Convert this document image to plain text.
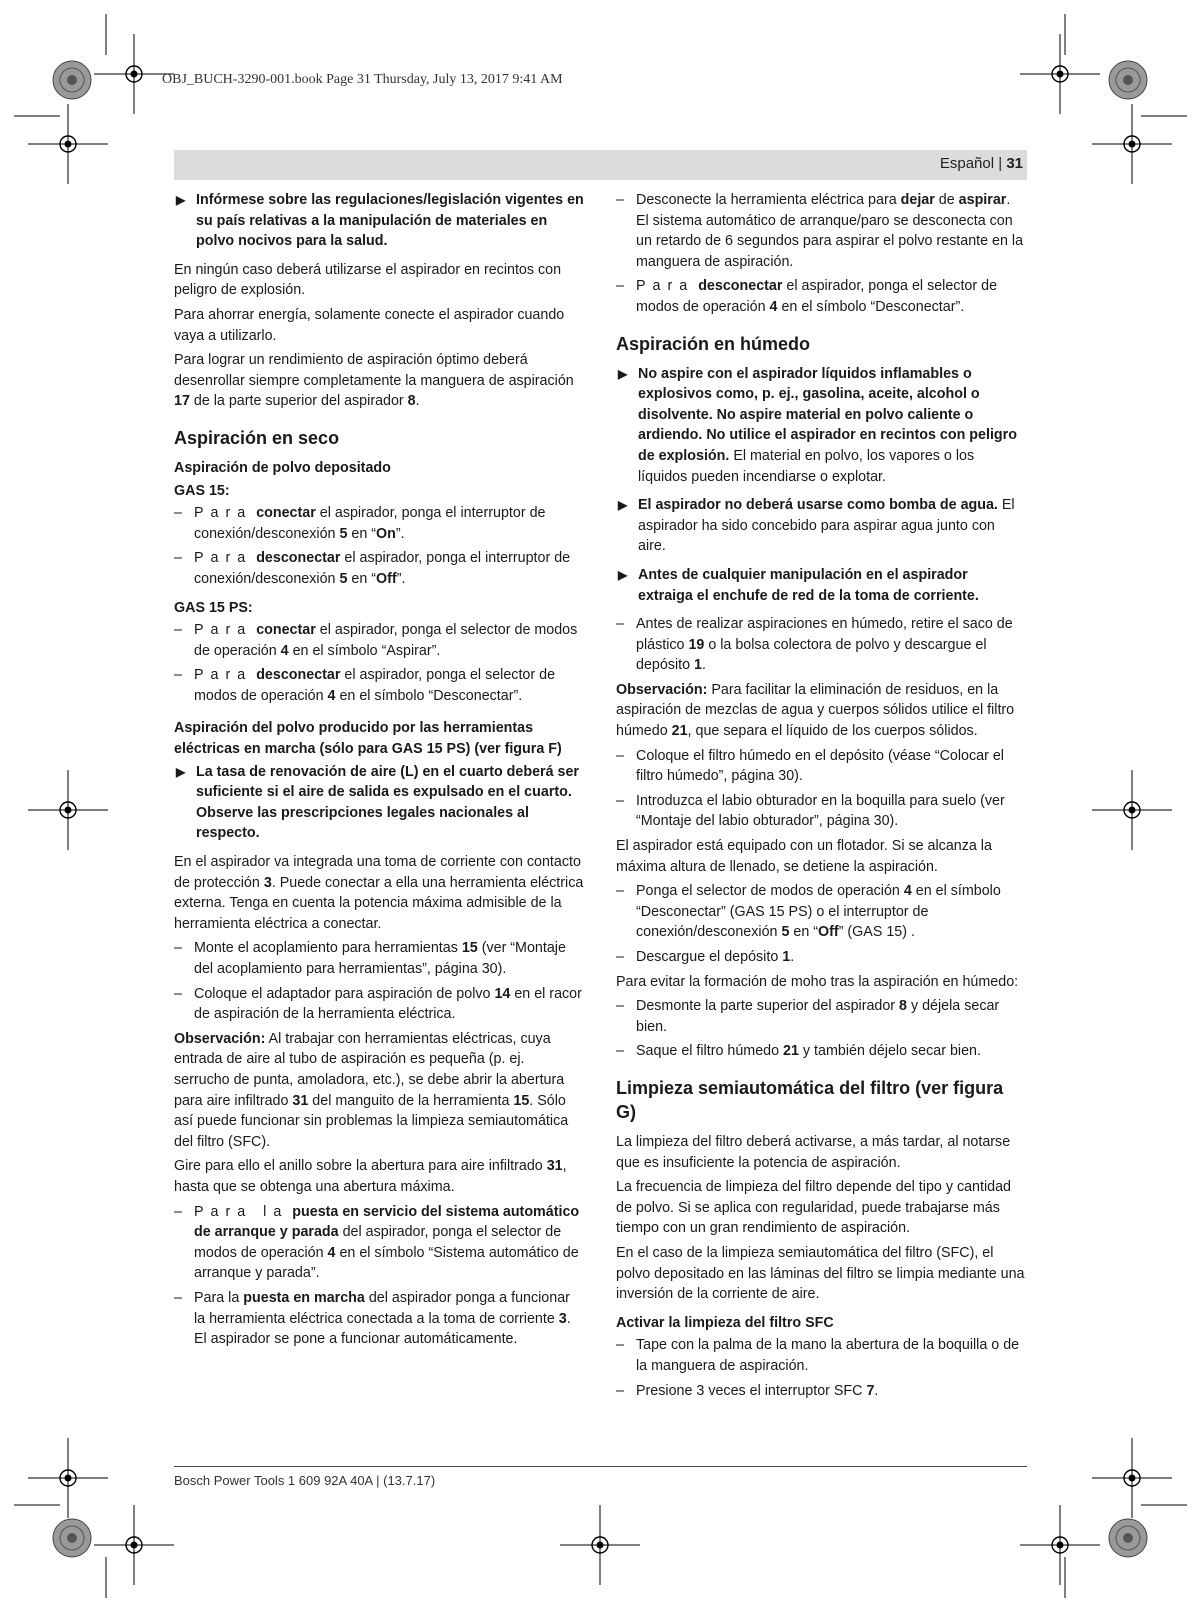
OBJ_BUCH-3290-001.book Page 31 Thursday, July 13, 2017 9:41 AM
Español | 31
▶ Infórmese sobre las regulaciones/legislación vigentes en su país relativas a la manipulación de materiales en polvo nocivos para la salud.

En ningún caso deberá utilizarse el aspirador en recintos con peligro de explosión.

Para ahorrar energía, solamente conecte el aspirador cuando vaya a utilizarlo.

Para lograr un rendimiento de aspiración óptimo deberá desenrollar siempre completamente la manguera de aspiración 17 de la parte superior del aspirador 8.

Aspiración en seco
Aspiración de polvo depositado
GAS 15:
– Para conectar el aspirador, ponga el interruptor de conexión/desconexión 5 en “On”.
– Para desconectar el aspirador, ponga el interruptor de conexión/desconexión 5 en “Off”.
GAS 15 PS:
– Para conectar el aspirador, ponga el selector de modos de operación 4 en el símbolo “Aspirar”.
– Para desconectar el aspirador, ponga el selector de modos de operación 4 en el símbolo “Desconectar”.
Aspiración del polvo producido por las herramientas eléctricas en marcha (sólo para GAS 15 PS) (ver figura F)
▶ La tasa de renovación de aire (L) en el cuarto deberá ser suficiente si el aire de salida es expulsado en el cuarto. Observe las prescripciones legales nacionales al respecto.

En el aspirador va integrada una toma de corriente con contacto de protección 3. Puede conectar a ella una herramienta eléctrica externa. Tenga en cuenta la potencia máxima admisible de la herramienta eléctrica a conectar.

– Monte el acoplamiento para herramientas 15 (ver “Montaje del acoplamiento para herramientas”, página 30).
– Coloque el adaptador para aspiración de polvo 14 en el racor de aspiración de la herramienta eléctrica.

Observación: Al trabajar con herramientas eléctricas, cuya entrada de aire al tubo de aspiración es pequeña (p. ej. serrucho de punta, amoladora, etc.), se debe abrir la abertura para aire infiltrado 31 del manguito de la herramienta 15. Sólo así puede funcionar sin problemas la limpieza semiautomática del filtro (SFC).

Gire para ello el anillo sobre la abertura para aire infiltrado 31, hasta que se obtenga una abertura máxima.

– Para la puesta en servicio del sistema automático de arranque y parada del aspirador, ponga el selector de modos de operación 4 en el símbolo “Sistema automático de arranque y parada”.
– Para la puesta en marcha del aspirador ponga a funcionar la herramienta eléctrica conectada a la toma de corriente 3. El aspirador se pone a funcionar automáticamente.
– Desconecte la herramienta eléctrica para dejar de aspirar.
El sistema automático de arranque/paro se desconecta con un retardo de 6 segundos para aspirar el polvo restante en la manguera de aspiración.
– Para desconectar el aspirador, ponga el selector de modos de operación 4 en el símbolo “Desconectar”.
Aspiración en húmedo
▶ No aspire con el aspirador líquidos inflamables o explosivos como, p. ej., gasolina, aceite, alcohol o disolvente. No aspire material en polvo caliente o ardiendo. No utilice el aspirador en recintos con peligro de explosión. El material en polvo, los vapores o los líquidos pueden incendiarse o explotar.
▶ El aspirador no deberá usarse como bomba de agua. El aspirador ha sido concebido para aspirar agua junto con aire.
▶ Antes de cualquier manipulación en el aspirador extraiga el enchufe de red de la toma de corriente.
– Antes de realizar aspiraciones en húmedo, retire el saco de plástico 19 o la bolsa colectora de polvo y descargue el depósito 1.

Observación: Para facilitar la eliminación de residuos, en la aspiración de mezclas de agua y cuerpos sólidos utilice el filtro húmedo 21, que separa el líquido de los cuerpos sólidos.

– Coloque el filtro húmedo en el depósito (véase “Colocar el filtro húmedo”, página 30).
– Introduzca el labio obturador en la boquilla para suelo (ver “Montaje del labio obturador”, página 30).

El aspirador está equipado con un flotador. Si se alcanza la máxima altura de llenado, se detiene la aspiración.

– Ponga el selector de modos de operación 4 en el símbolo “Desconectar” (GAS 15 PS) o el interruptor de conexión/desconexión 5 en “Off” (GAS 15) .
– Descargue el depósito 1.

Para evitar la formación de moho tras la aspiración en húmedo:

– Desmonte la parte superior del aspirador 8 y déjela secar bien.
– Saque el filtro húmedo 21 y también déjelo secar bien.
Limpieza semiautomática del filtro (ver figura G)

La limpieza del filtro deberá activarse, a más tardar, al notarse que es insuficiente la potencia de aspiración.

La frecuencia de limpieza del filtro depende del tipo y cantidad de polvo. Si se aplica con regularidad, puede trabajarse más tiempo con un gran rendimiento de aspiración.

En el caso de la limpieza semiautomática del filtro (SFC), el polvo depositado en las láminas del filtro se limpia mediante una inversión de la corriente de aire.

Activar la limpieza del filtro SFC
– Tape con la palma de la mano la abertura de la boquilla o de la manguera de aspiración.
– Presione 3 veces el interruptor SFC 7.
Bosch Power Tools 1 609 92A 40A | (13.7.17)
